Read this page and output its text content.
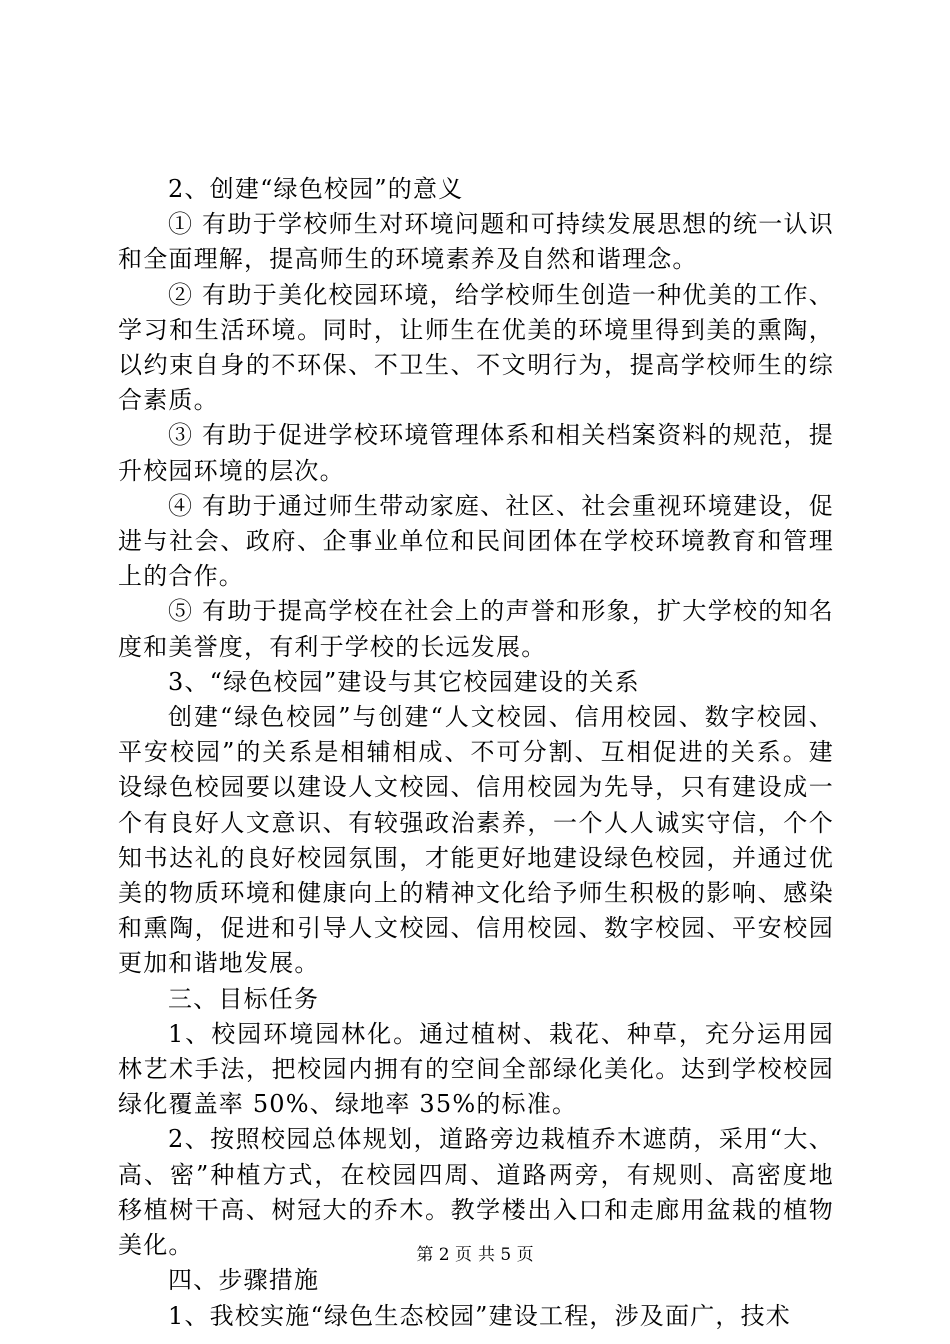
2、创建“绿色校园”的意义

① 有助于学校师生对环境问题和可持续发展思想的统一认识和全面理解，提高师生的环境素养及自然和谐理念。

② 有助于美化校园环境，给学校师生创造一种优美的工作、学习和生活环境。同时，让师生在优美的环境里得到美的熏陶，以约束自身的不环保、不卫生、不文明行为，提高学校师生的综合素质。

③ 有助于促进学校环境管理体系和相关档案资料的规范，提升校园环境的层次。

④ 有助于通过师生带动家庭、社区、社会重视环境建设，促进与社会、政府、企事业单位和民间团体在学校环境教育和管理上的合作。

⑤ 有助于提高学校在社会上的声誉和形象，扩大学校的知名度和美誉度，有利于学校的长远发展。

3、“绿色校园”建设与其它校园建设的关系

创建“绿色校园”与创建“人文校园、信用校园、数字校园、平安校园”的关系是相辅相成、不可分割、互相促进的关系。建设绿色校园要以建设人文校园、信用校园为先导，只有建设成一个有良好人文意识、有较强政治素养，一个人人诚实守信，个个知书达礼的良好校园氛围，才能更好地建设绿色校园，并通过优美的物质环境和健康向上的精神文化给予师生积极的影响、感染和熏陶，促进和引导人文校园、信用校园、数字校园、平安校园更加和谐地发展。

三、目标任务

1、校园环境园林化。通过植树、栽花、种草，充分运用园林艺术手法，把校园内拥有的空间全部绿化美化。达到学校校园绿化覆盖率 50%、绿地率 35%的标准。

2、按照校园总体规划，道路旁边栽植乔木遮荫，采用“大、高、密”种植方式，在校园四周、道路两旁，有规则、高密度地移植树干高、树冠大的乔木。教学楼出入口和走廊用盆栽的植物美化。

四、步骤措施

1、我校实施“绿色生态校园”建设工程，涉及面广，技术

第 2 页 共 5 页
